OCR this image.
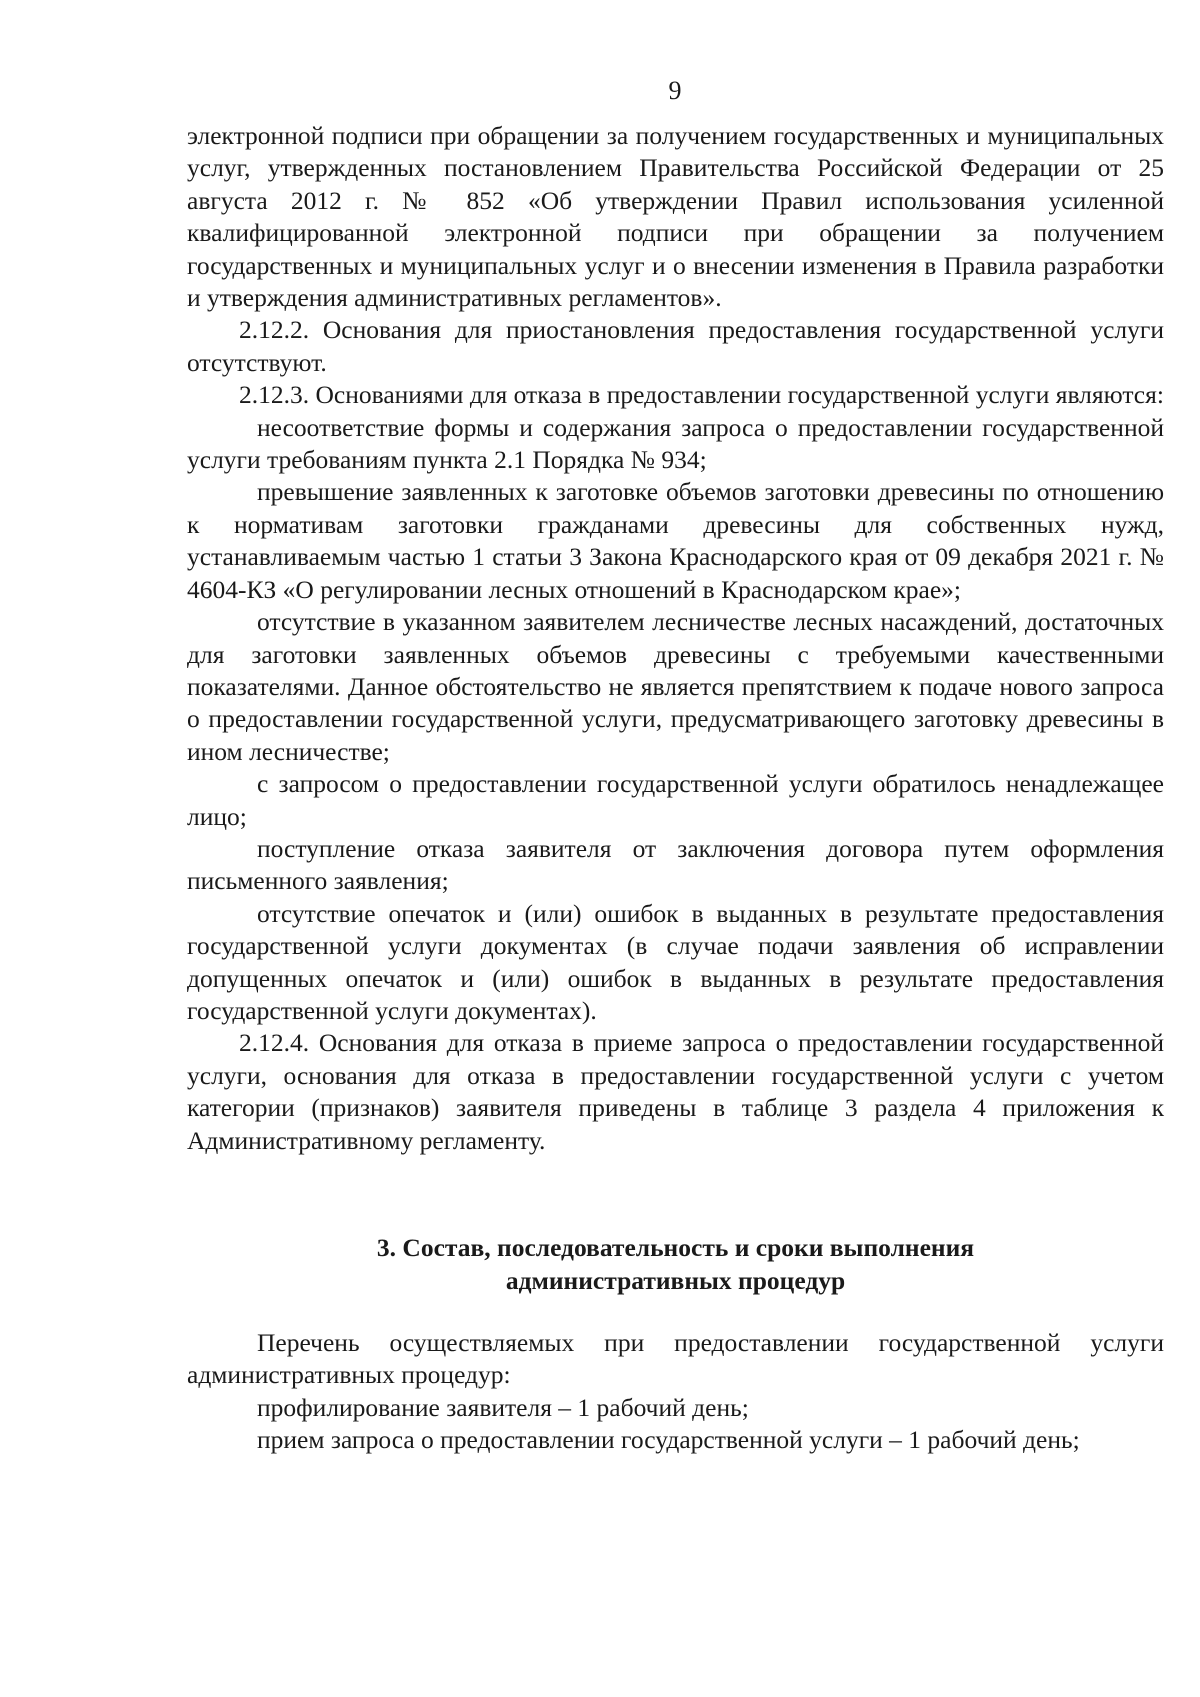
9

электронной подписи при обращении за получением государственных и муниципальных услуг, утвержденных постановлением Правительства Российской Федерации от 25 августа 2012 г. № 852 «Об утверждении Правил использования усиленной квалифицированной электронной подписи при обращении за получением государственных и муниципальных услуг и о внесении изменения в Правила разработки и утверждения административных регламентов».

2.12.2. Основания для приостановления предоставления государственной услуги отсутствуют.

2.12.3. Основаниями для отказа в предоставлении государственной услуги являются:

несоответствие формы и содержания запроса о предоставлении государственной услуги требованиям пункта 2.1 Порядка № 934;

превышение заявленных к заготовке объемов заготовки древесины по отношению к нормативам заготовки гражданами древесины для собственных нужд, устанавливаемым частью 1 статьи 3 Закона Краснодарского края от 09 декабря 2021 г. № 4604-КЗ «О регулировании лесных отношений в Краснодарском крае»;

отсутствие в указанном заявителем лесничестве лесных насаждений, достаточных для заготовки заявленных объемов древесины с требуемыми качественными показателями. Данное обстоятельство не является препятствием к подаче нового запроса о предоставлении государственной услуги, предусматривающего заготовку древесины в ином лесничестве;

с запросом о предоставлении государственной услуги обратилось ненадлежащее лицо;

поступление отказа заявителя от заключения договора путем оформления письменного заявления;

отсутствие опечаток и (или) ошибок в выданных в результате предоставления государственной услуги документах (в случае подачи заявления об исправлении допущенных опечаток и (или) ошибок в выданных в результате предоставления государственной услуги документах).

2.12.4. Основания для отказа в приеме запроса о предоставлении государственной услуги, основания для отказа в предоставлении государственной услуги с учетом категории (признаков) заявителя приведены в таблице 3 раздела 4 приложения к Административному регламенту.

3. Состав, последовательность и сроки выполнения
административных процедур

Перечень осуществляемых при предоставлении государственной услуги административных процедур:

профилирование заявителя – 1 рабочий день;

прием запроса о предоставлении государственной услуги – 1 рабочий день;
